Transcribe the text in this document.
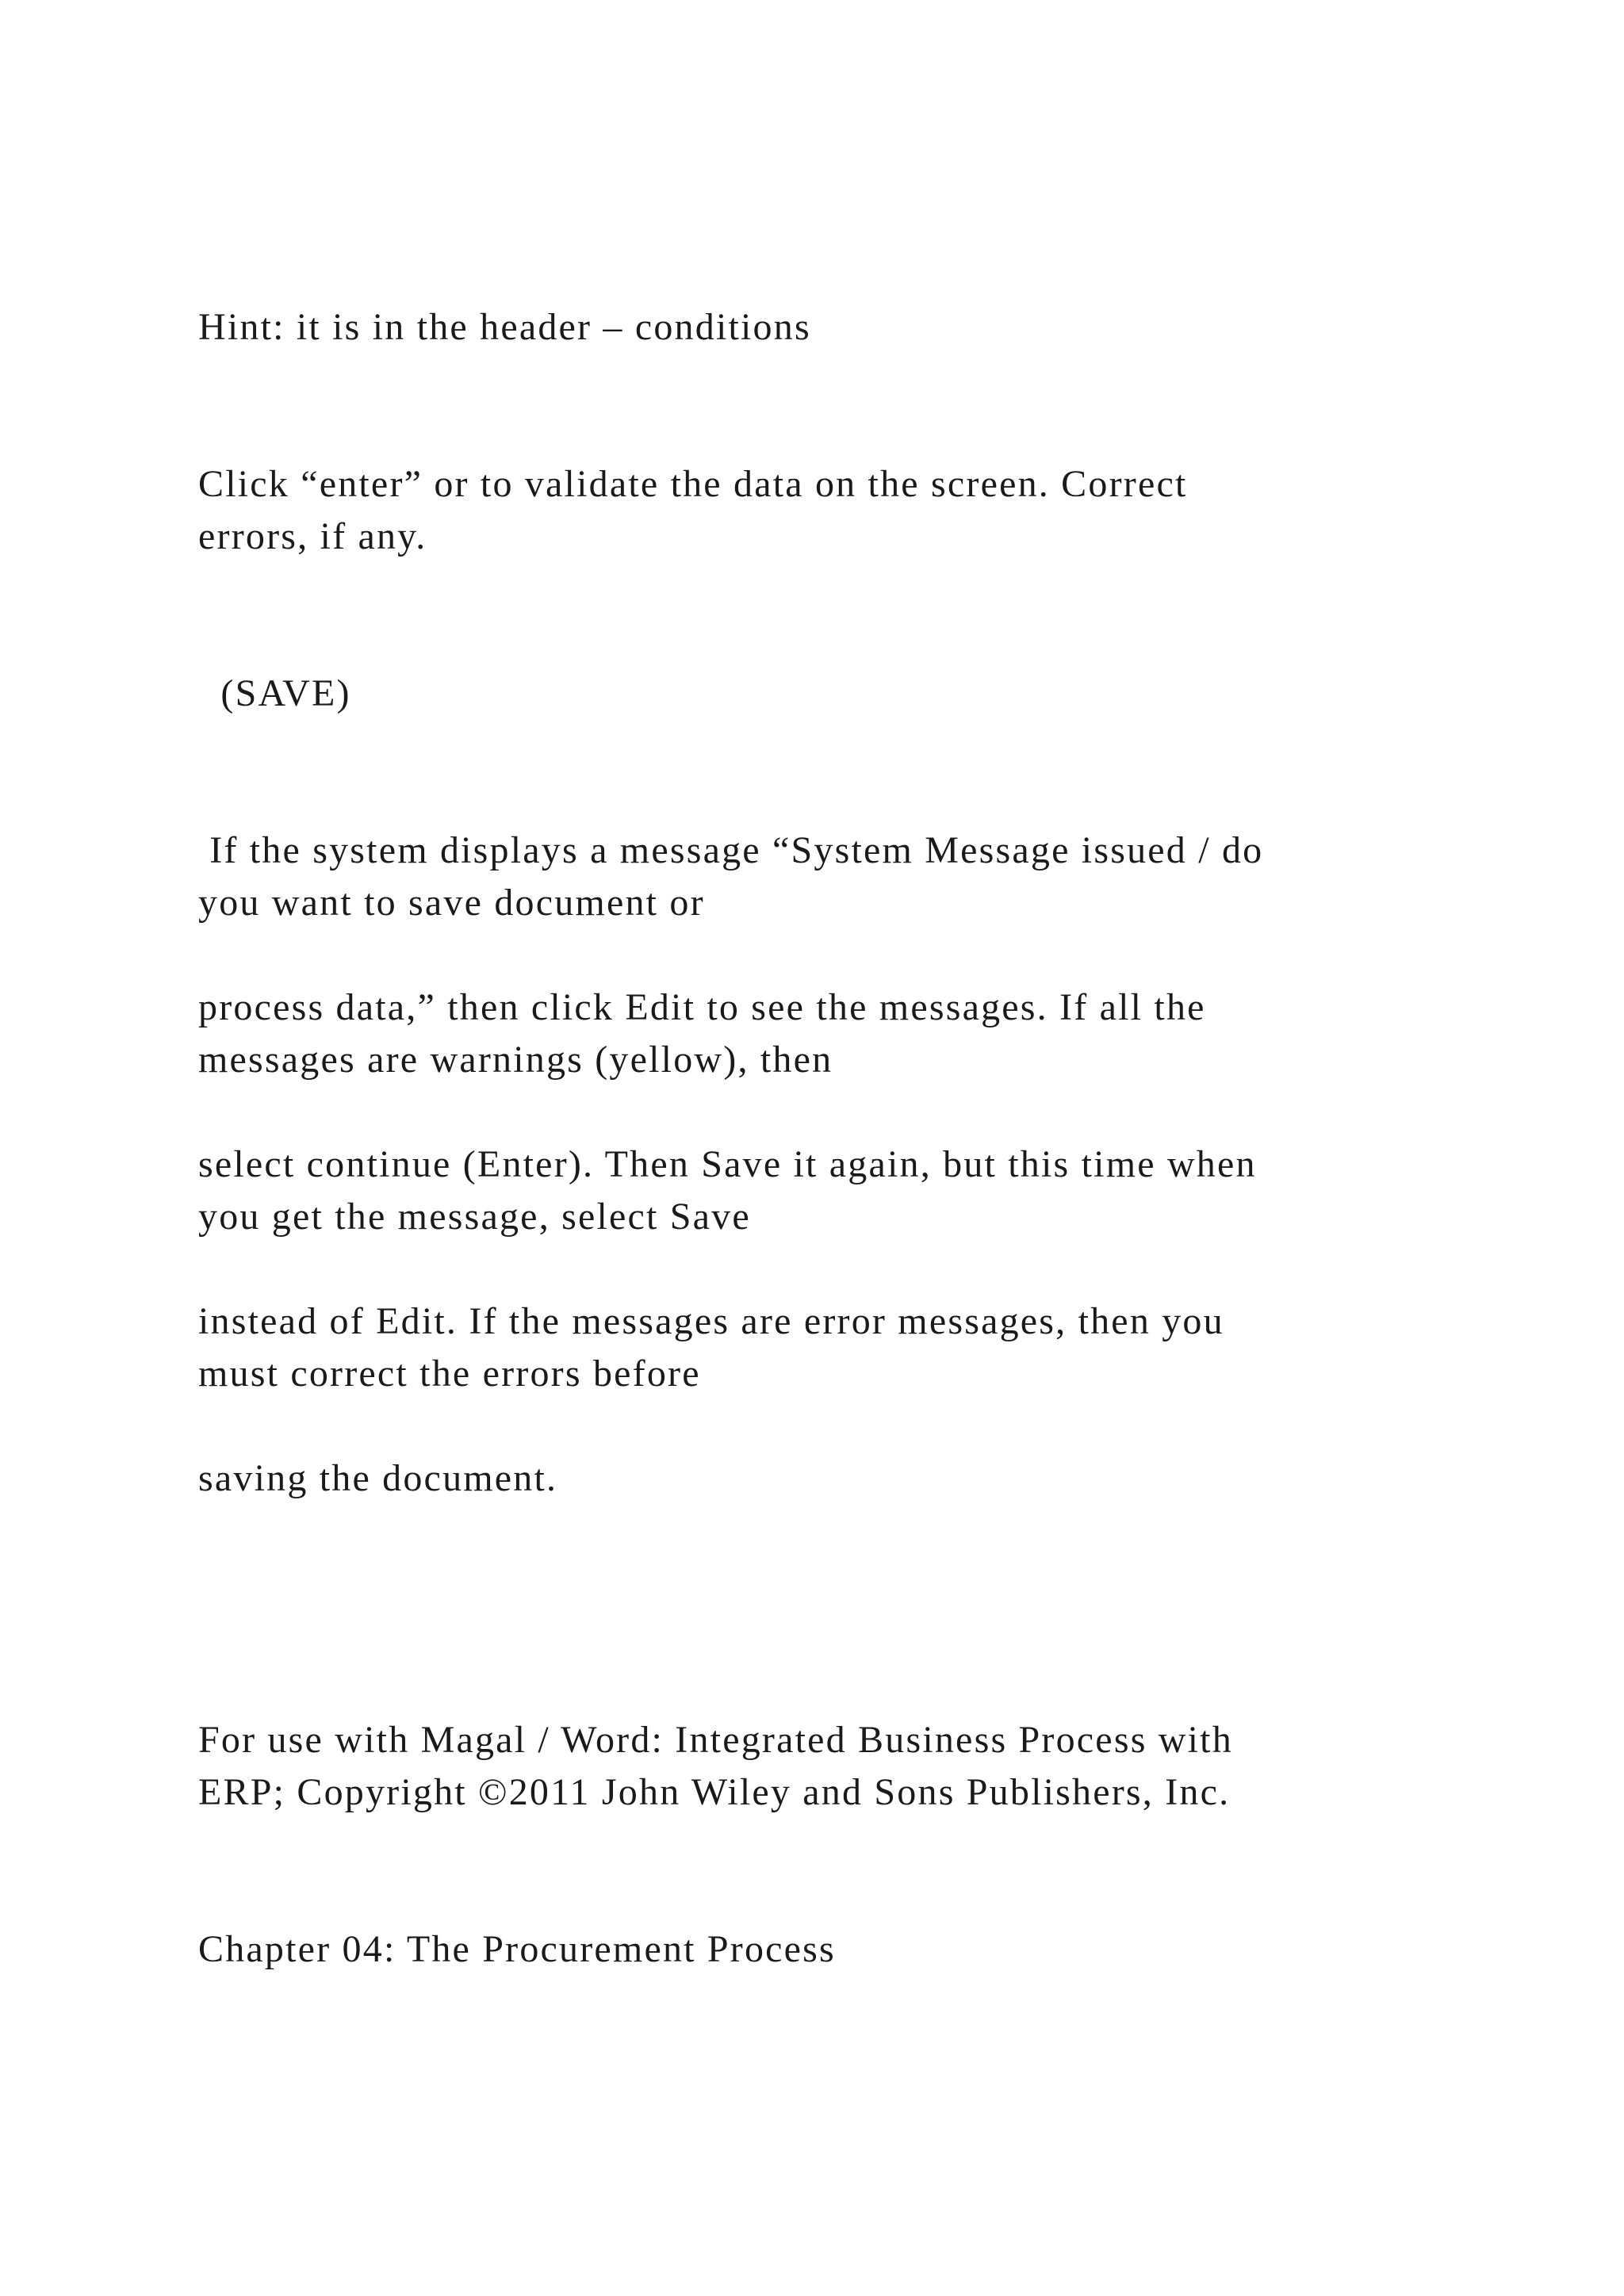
Hint: it is in the header – conditions

Click “enter” or to validate the data on the screen. Correct

errors, if any.

(SAVE)

If the system displays a message “System Message issued / do

you want to save document or

process data,” then click Edit to see the messages. If all the

messages are warnings (yellow), then

select continue (Enter). Then Save it again, but this time when

you get the message, select Save

instead of Edit. If the messages are error messages, then you

must correct the errors before

saving the document.

For use with Magal / Word: Integrated Business Process with

ERP; Copyright ©2011 John Wiley and Sons Publishers, Inc.

Chapter 04: The Procurement Process
